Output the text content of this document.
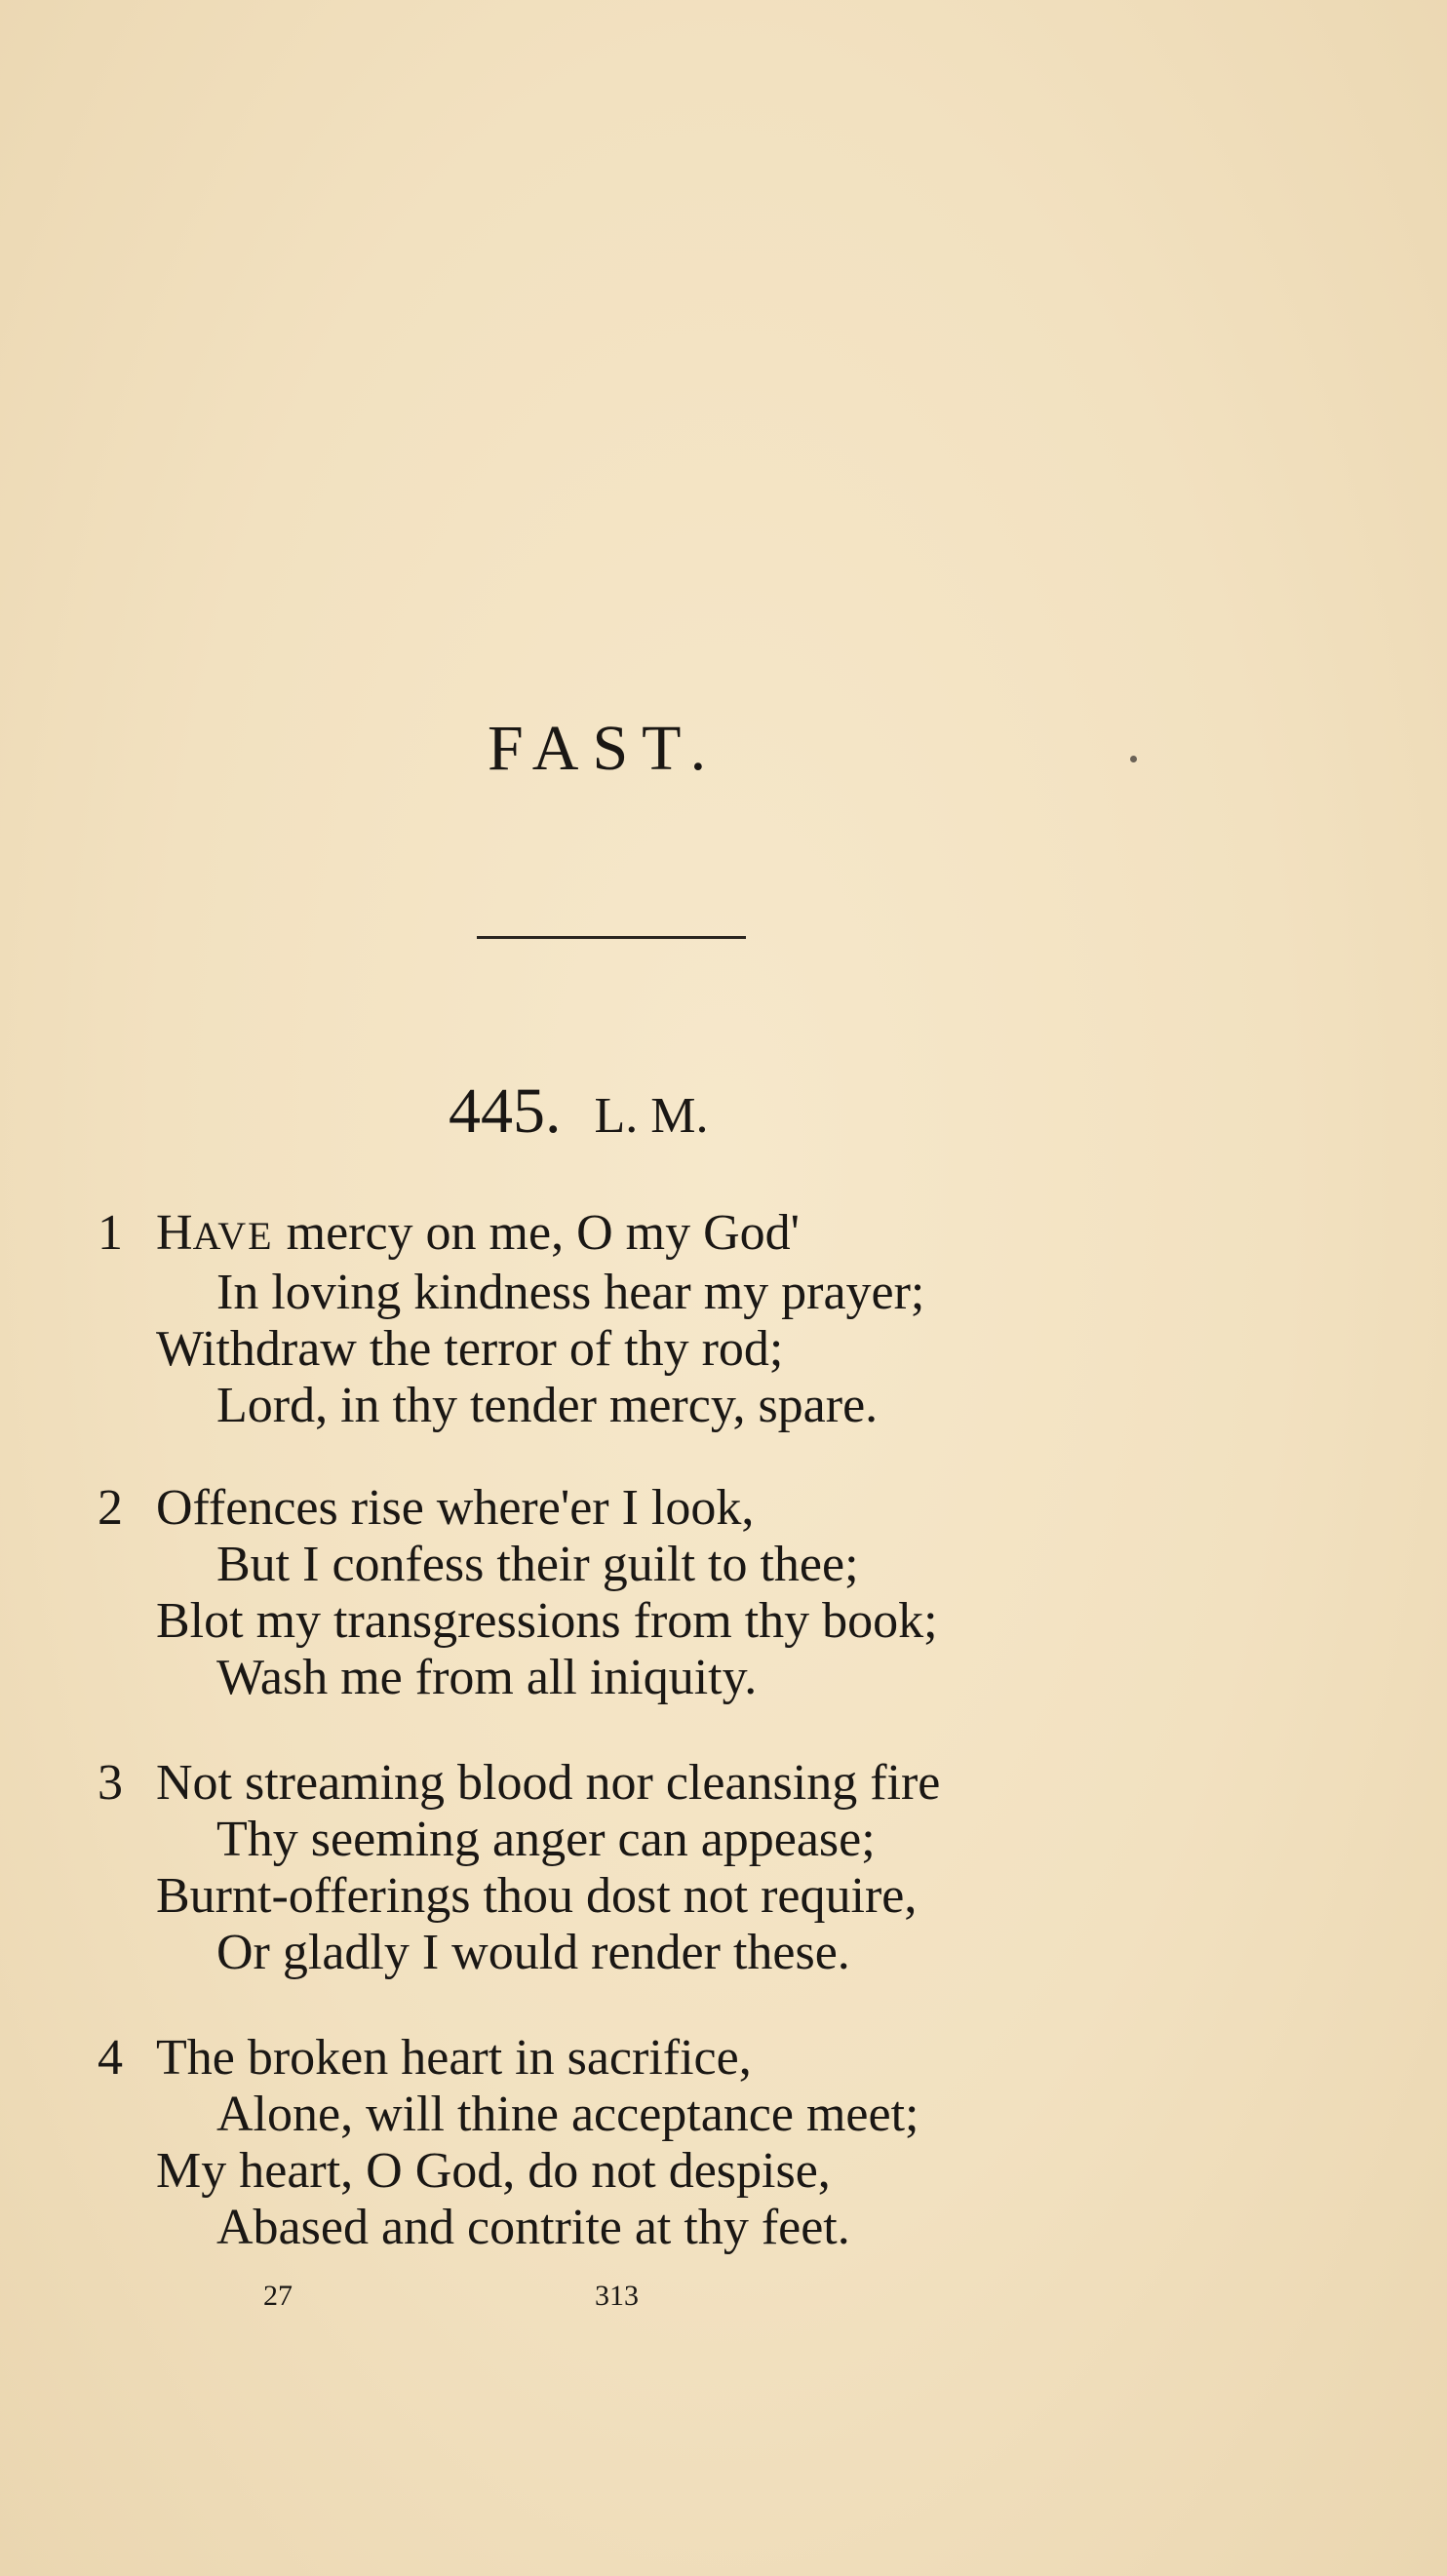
FAST.
445. L. M.
1 HAVE mercy on me, O my God'
In loving kindness hear my prayer;
Withdraw the terror of thy rod;
Lord, in thy tender mercy, spare.
2 Offences rise where'er I look,
But I confess their guilt to thee;
Blot my transgressions from thy book;
Wash me from all iniquity.
3 Not streaming blood nor cleansing fire
Thy seeming anger can appease;
Burnt-offerings thou dost not require,
Or gladly I would render these.
4 The broken heart in sacrifice,
Alone, will thine acceptance meet;
My heart, O God, do not despise,
Abased and contrite at thy feet.
27	313
